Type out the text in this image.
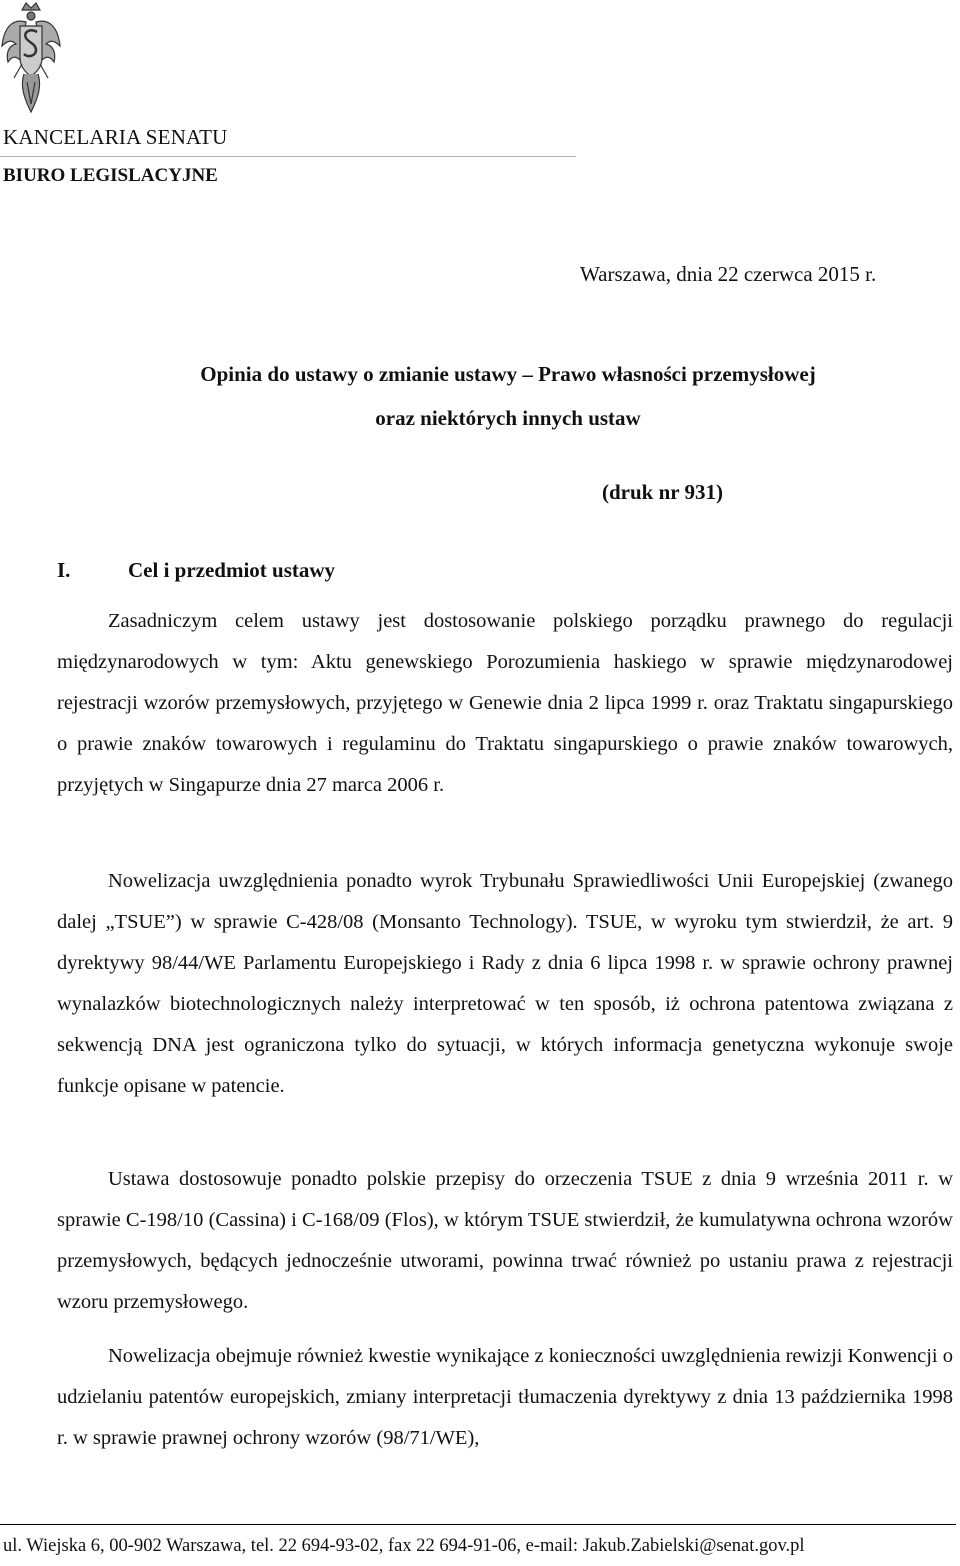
KANCELARIA SENATU
BIURO LEGISLACYJNE
Warszawa, dnia 22 czerwca 2015 r.
Opinia do ustawy o zmianie ustawy – Prawo własności przemysłowej
oraz niektórych innych ustaw
(druk nr 931)
I.	Cel i przedmiot ustawy

Zasadniczym celem ustawy jest dostosowanie polskiego porządku prawnego do regulacji międzynarodowych w tym: Aktu genewskiego Porozumienia haskiego w sprawie międzynarodowej rejestracji wzorów przemysłowych, przyjętego w Genewie dnia 2 lipca 1999 r. oraz Traktatu singapurskiego o prawie znaków towarowych i regulaminu do Traktatu singapurskiego o prawie znaków towarowych, przyjętych w Singapurze dnia 27 marca 2006 r.

Nowelizacja uwzględnienia ponadto wyrok Trybunału Sprawiedliwości Unii Europejskiej (zwanego dalej „TSUE”) w sprawie C-428/08 (Monsanto Technology). TSUE, w wyroku tym stwierdził, że art. 9 dyrektywy 98/44/WE Parlamentu Europejskiego i Rady z dnia 6 lipca 1998 r. w sprawie ochrony prawnej wynalazków biotechnologicznych należy interpretować w ten sposób, iż ochrona patentowa związana z sekwencją DNA jest ograniczona tylko do sytuacji, w których informacja genetyczna wykonuje swoje funkcje opisane w patencie.

Ustawa dostosowuje ponadto polskie przepisy do orzeczenia TSUE z dnia 9 września 2011 r. w sprawie C-198/10 (Cassina) i C-168/09 (Flos), w którym TSUE stwierdził, że kumulatywna ochrona wzorów przemysłowych, będących jednocześnie utworami, powinna trwać również po ustaniu prawa z rejestracji wzoru przemysłowego.

Nowelizacja obejmuje również kwestie wynikające z konieczności uwzględnienia rewizji Konwencji o udzielaniu patentów europejskich, zmiany interpretacji tłumaczenia dyrektywy z dnia 13 października 1998 r. w sprawie prawnej ochrony wzorów (98/71/WE),

ul. Wiejska 6, 00-902 Warszawa, tel. 22 694-93-02, fax 22 694-91-06, e-mail: Jakub.Zabielski@senat.gov.pl
